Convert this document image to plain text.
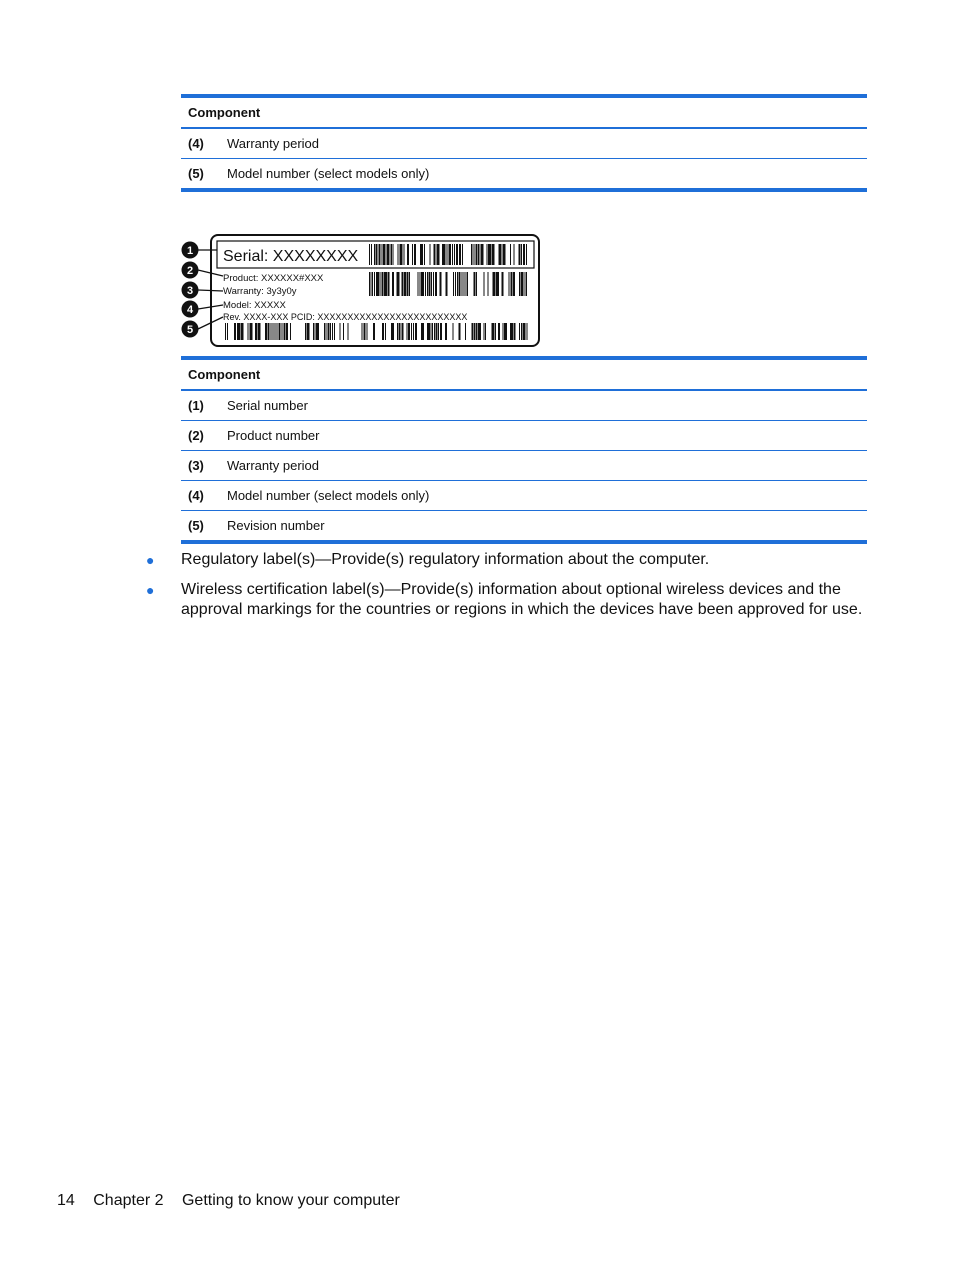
Component
(4)	Warranty period
(5)	Model number (select models only)
Serial: XXXXXXXX
Product: XXXXXX#XXX
Warranty: 3y3y0y
Model: XXXXX
Rev. XXXX-XXX PCID: XXXXXXXXXXXXXXXXXXXXXXXXX
1
2
3
4
5
Component
(1)	Serial number
(2)	Product number
(3)	Warranty period
(4)	Model number (select models only)
(5)	Revision number
●	Regulatory label(s)—Provide(s) regulatory information about the computer.
●	Wireless certification label(s)—Provide(s) information about optional wireless devices and the approval markings for the countries or regions in which the devices have been approved for use.
14 Chapter 2 Getting to know your computer
